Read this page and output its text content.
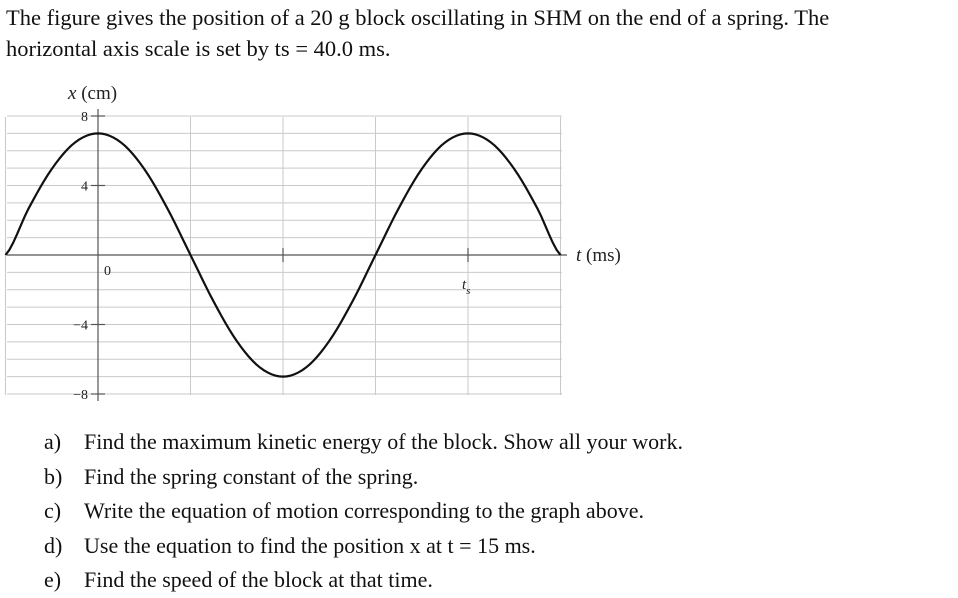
The figure gives the position of a 20 g block oscillating in SHM on the end of a spring. The
horizontal axis scale is set by ts = 40.0 ms.
8
4
−4
−8
0
$t_s$
x (cm)
t (ms)
a)	Find the maximum kinetic energy of the block. Show all your work.
b) Find the spring constant of the spring.
c)	Write the equation of motion corresponding to the graph above.
d) Use the equation to find the position x at t = 15 ms.
e)	Find the speed of the block at that time.
